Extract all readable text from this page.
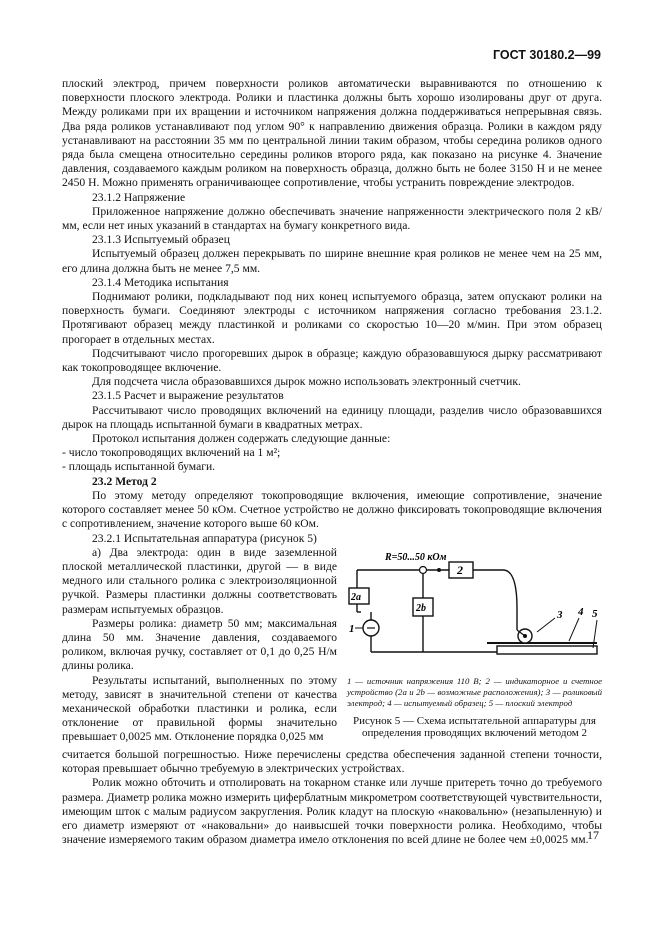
ГОСТ 30180.2—99

плоский электрод, причем поверхности роликов автоматически выравниваются по отношению к поверхности плоского электрода. Ролики и пластинка должны быть хорошо изолированы друг от друга. Между роликами при их вращении и источником напряжения должна поддерживаться непрерывная связь. Два ряда роликов устанавливают под углом 90° к направлению движения образца. Ролики в каждом ряду устанавливают на расстоянии 35 мм по центральной линии таким образом, чтобы середина роликов одного ряда была смещена относительно середины роликов второго ряда, как показано на рисунке 4. Значение давления, создаваемого каждым роликом на поверхность образца, должно быть не более 3150 Н и не менее 2450 Н. Можно применять ограничивающее сопротивление, чтобы устранить повреждение электродов.

23.1.2 Напряжение

Приложенное напряжение должно обеспечивать значение напряженности электрического поля 2 кВ/мм, если нет иных указаний в стандартах на бумагу конкретного вида.

23.1.3 Испытуемый образец

Испытуемый образец должен перекрывать по ширине внешние края роликов не менее чем на 25 мм, его длина должна быть не менее 7,5 мм.

23.1.4 Методика испытания

Поднимают ролики, подкладывают под них конец испытуемого образца, затем опускают ролики на поверхность бумаги. Соединяют электроды с источником напряжения согласно требования 23.1.2. Протягивают образец между пластинкой и роликами со скоростью 10—20 м/мин. При этом образец прогорает в отдельных местах.

Подсчитывают число прогоревших дырок в образце; каждую образовавшуюся дырку рассматривают как токопроводящее включение.

Для подсчета числа образовавшихся дырок можно использовать электронный счетчик.

23.1.5 Расчет и выражение результатов

Рассчитывают число проводящих включений на единицу площади, разделив число образовавшихся дырок на площадь испытанной бумаги в квадратных метрах.

Протокол испытания должен содержать следующие данные:

- число токопроводящих включений на 1 м²;

- площадь испытанной бумаги.

23.2 Метод 2

По этому методу определяют токопроводящие включения, имеющие сопротивление, значение которого составляет менее 50 кОм. Счетное устройство не должно фиксировать токопроводящие включения с сопротивлением, значение которого выше 60 кОм.

23.2.1 Испытательная аппаратура (рисунок 5)

R=50...50 кОм
2
2a
1
2b
3 4 5
1 — источник напряжения 110 В; 2 — индикаторное и счетное устройство (2а и 2b — возможные расположения); 3 — роликовый электрод; 4 — испытуемый образец; 5 — плоский электрод
Рисунок 5 — Схема испытательной аппаратуры для определения проводящих включений методом 2

а) Два электрода: один в виде заземленной плоской металлической пластинки, другой — в виде медного или стального ролика с электроизоляционной ручкой. Размеры пластинки должны соответствовать размерам испытуемых образцов.

Размеры ролика: диаметр 50 мм; максимальная длина 50 мм. Значение давления, создаваемого роликом, включая ручку, составляет от 0,1 до 0,25 Н/м длины ролика.

Результаты испытаний, выполненных по этому методу, зависят в значительной степени от качества механической обработки пластинки и ролика, если отклонение от правильной формы значительно превышает 0,0025 мм. Отклонение порядка 0,025 мм

считается большой погрешностью. Ниже перечислены средства обеспечения заданной степени точности, которая превышает обычно требуемую в электрических устройствах.

Ролик можно обточить и отполировать на токарном станке или лучше притереть точно до требуемого размера. Диаметр ролика можно измерить циферблатным микрометром соответствующей чувствительности, имеющим шток с малым радиусом закругления. Ролик кладут на плоскую «наковальню» (незапыленную) и его диаметр измеряют от «наковальни» до наивысшей точки поверхности ролика. Необходимо, чтобы значение измеряемого таким образом диаметра имело отклонения по всей длине не более чем ±0,0025 мм.

17
